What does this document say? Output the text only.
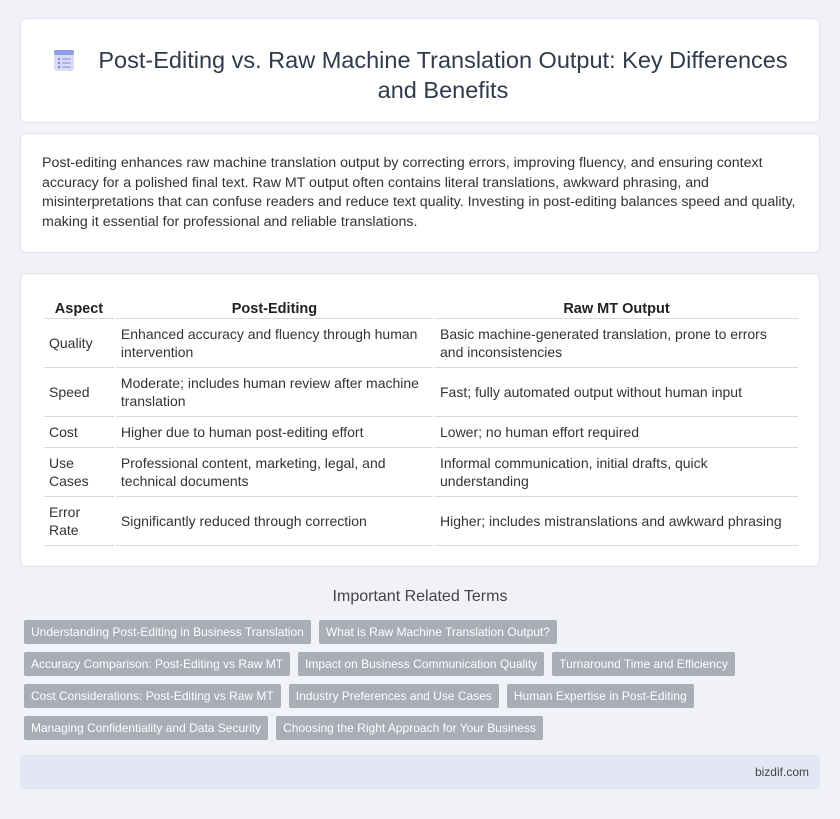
Post-Editing vs. Raw Machine Translation Output: Key Differences and Benefits

Post-editing enhances raw machine translation output by correcting errors, improving fluency, and ensuring context accuracy for a polished final text. Raw MT output often contains literal translations, awkward phrasing, and misinterpretations that can confuse readers and reduce text quality. Investing in post-editing balances speed and quality, making it essential for professional and reliable translations.

Aspect	Post-Editing	Raw MT Output
Quality	Enhanced accuracy and fluency through human intervention	Basic machine-generated translation, prone to errors and inconsistencies
Speed	Moderate; includes human review after machine translation	Fast; fully automated output without human input
Cost	Higher due to human post-editing effort	Lower; no human effort required
Use Cases	Professional content, marketing, legal, and technical documents	Informal communication, initial drafts, quick understanding
Error Rate	Significantly reduced through correction	Higher; includes mistranslations and awkward phrasing
Important Related Terms
Understanding Post-Editing in Business Translation	What is Raw Machine Translation Output?
Accuracy Comparison: Post-Editing vs Raw MT	Impact on Business Communication Quality	Turnaround Time and Efficiency
Cost Considerations: Post-Editing vs Raw MT	Industry Preferences and Use Cases	Human Expertise in Post-Editing
Managing Confidentiality and Data Security	Choosing the Right Approach for Your Business
bizdif.com
